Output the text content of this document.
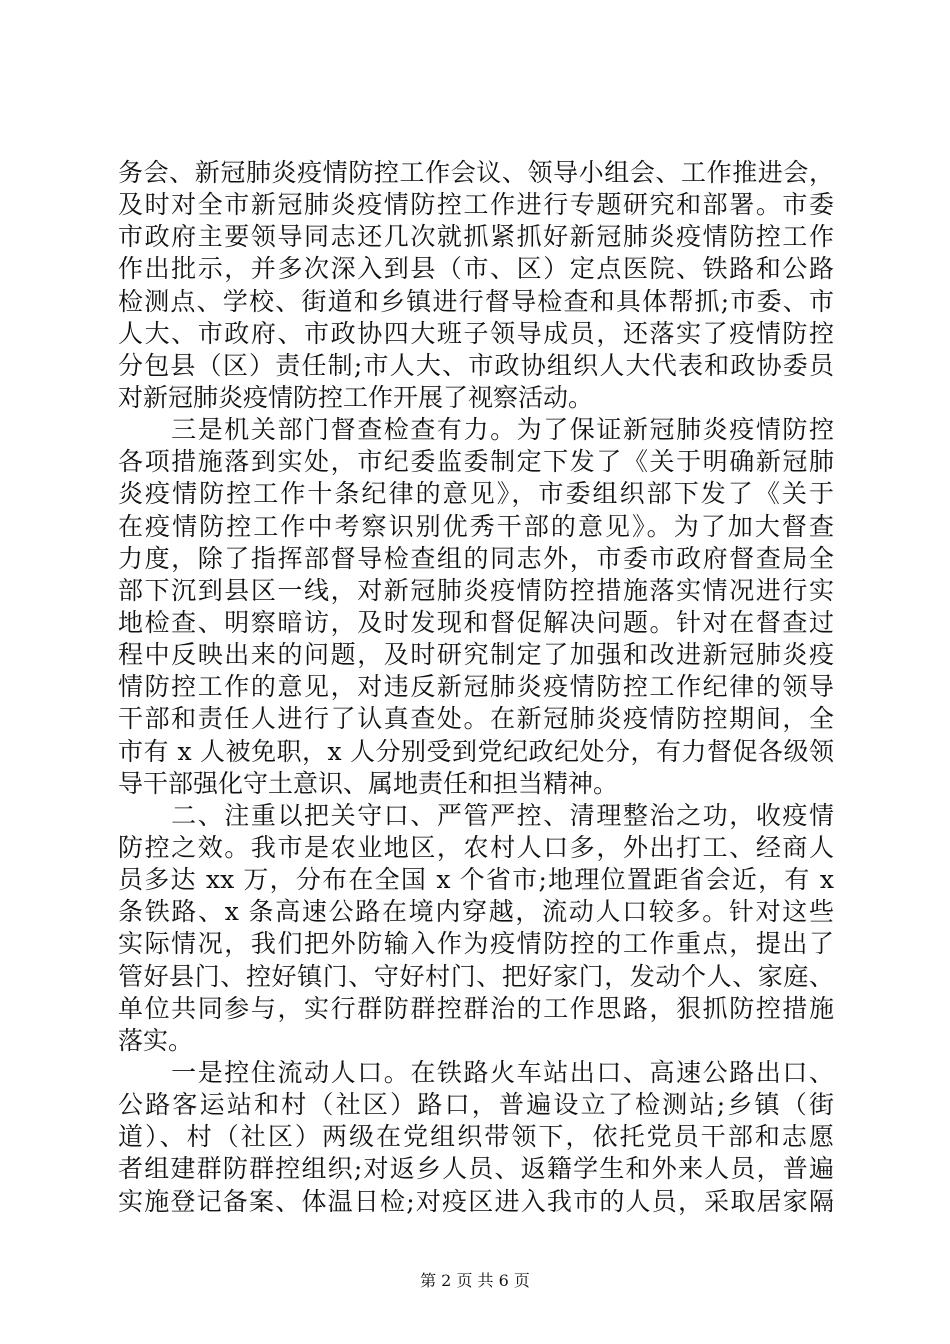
务会、新冠肺炎疫情防控工作会议、领导小组会、工作推进会，
及时对全市新冠肺炎疫情防控工作进行专题研究和部署。市委
市政府主要领导同志还几次就抓紧抓好新冠肺炎疫情防控工作
作出批示，并多次深入到县（市、区）定点医院、铁路和公路
检测点、学校、街道和乡镇进行督导检查和具体帮抓;市委、市
人大、市政府、市政协四大班子领导成员，还落实了疫情防控
分包县（区）责任制;市人大、市政协组织人大代表和政协委员
对新冠肺炎疫情防控工作开展了视察活动。
　　三是机关部门督查检查有力。为了保证新冠肺炎疫情防控
各项措施落到实处，市纪委监委制定下发了《关于明确新冠肺
炎疫情防控工作十条纪律的意见》，市委组织部下发了《关于
在疫情防控工作中考察识别优秀干部的意见》。为了加大督查
力度，除了指挥部督导检查组的同志外，市委市政府督查局全
部下沉到县区一线，对新冠肺炎疫情防控措施落实情况进行实
地检查、明察暗访，及时发现和督促解决问题。针对在督查过
程中反映出来的问题，及时研究制定了加强和改进新冠肺炎疫
情防控工作的意见，对违反新冠肺炎疫情防控工作纪律的领导
干部和责任人进行了认真查处。在新冠肺炎疫情防控期间，全
市有 x 人被免职，x 人分别受到党纪政纪处分，有力督促各级领
导干部强化守土意识、属地责任和担当精神。
　　二、注重以把关守口、严管严控、清理整治之功，收疫情
防控之效。我市是农业地区，农村人口多，外出打工、经商人
员多达 xx 万，分布在全国 x 个省市;地理位置距省会近，有 x
条铁路、x 条高速公路在境内穿越，流动人口较多。针对这些
实际情况，我们把外防输入作为疫情防控的工作重点，提出了
管好县门、控好镇门、守好村门、把好家门，发动个人、家庭、
单位共同参与，实行群防群控群治的工作思路，狠抓防控措施
落实。
　　一是控住流动人口。在铁路火车站出口、高速公路出口、
公路客运站和村（社区）路口，普遍设立了检测站;乡镇（街
道）、村（社区）两级在党组织带领下，依托党员干部和志愿
者组建群防群控组织;对返乡人员、返籍学生和外来人员，普遍
实施登记备案、体温日检;对疫区进入我市的人员，采取居家隔
第 2 页 共 6 页
